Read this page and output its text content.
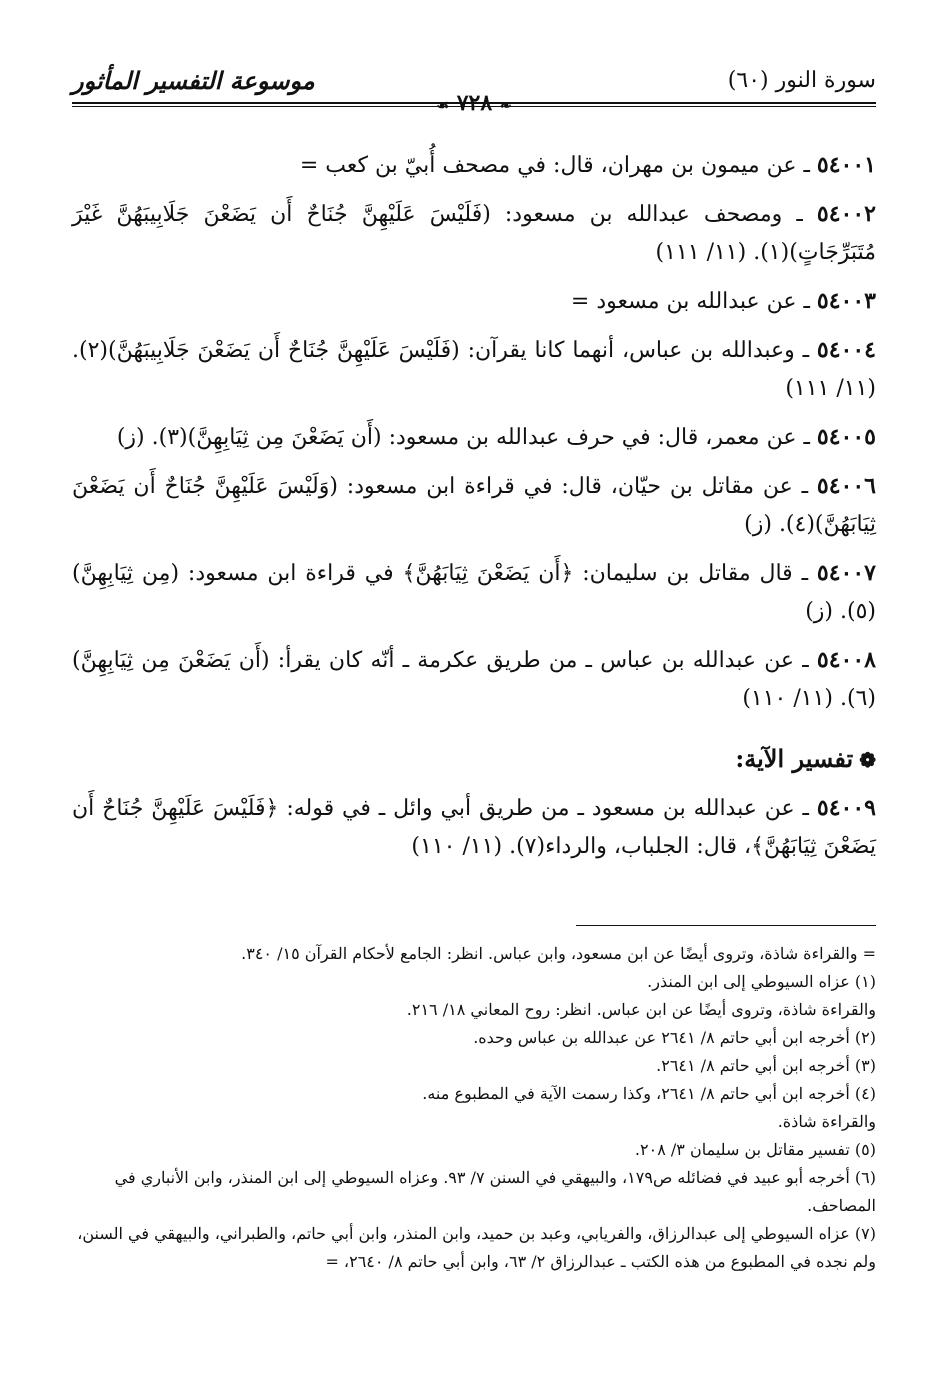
سورة النور (٦٠)
❧ ٧٢٨ ☙
موسوعة التفسير المأثور

٥٤٠٠١ ـ عن ميمون بن مهران، قال: في مصحف أُبيّ بن كعب =

٥٤٠٠٢ ـ ومصحف عبدالله بن مسعود: (فَلَيْسَ عَلَيْهِنَّ جُنَاحٌ أَن يَضَعْنَ جَلَابِيبَهُنَّ غَيْرَ مُتَبَرِّجَاتٍ)(١). (١١/ ١١١)

٥٤٠٠٣ ـ عن عبدالله بن مسعود =

٥٤٠٠٤ ـ وعبدالله بن عباس، أنهما كانا يقرآن: (فَلَيْسَ عَلَيْهِنَّ جُنَاحٌ أَن يَضَعْنَ جَلَابِيبَهُنَّ)(٢). (١١/ ١١١)

٥٤٠٠٥ ـ عن معمر، قال: في حرف عبدالله بن مسعود: (أَن يَضَعْنَ مِن ثِيَابِهِنَّ)(٣). (ز)

٥٤٠٠٦ ـ عن مقاتل بن حيّان، قال: في قراءة ابن مسعود: (وَلَيْسَ عَلَيْهِنَّ جُنَاحٌ أَن يَضَعْنَ ثِيَابَهُنَّ)(٤). (ز)

٥٤٠٠٧ ـ قال مقاتل بن سليمان: ﴿أَن يَضَعْنَ ثِيَابَهُنَّ﴾ في قراءة ابن مسعود: (مِن ثِيَابِهِنَّ)(٥). (ز)

٥٤٠٠٨ ـ عن عبدالله بن عباس ـ من طريق عكرمة ـ أنّه كان يقرأ: (أَن يَضَعْنَ مِن ثِيَابِهِنَّ)(٦). (١١/ ١١٠)

❁تفسير الآية:

٥٤٠٠٩ ـ عن عبدالله بن مسعود ـ من طريق أبي وائل ـ في قوله: ﴿فَلَيْسَ عَلَيْهِنَّ جُنَاحٌ أَن يَضَعْنَ ثِيَابَهُنَّ﴾، قال: الجلباب، والرداء(٧). (١١/ ١١٠)

= والقراءة شاذة، وتروى أيضًا عن ابن مسعود، وابن عباس. انظر: الجامع لأحكام القرآن ١٥/ ٣٤٠.

(١) عزاه السيوطي إلى ابن المنذر.

والقراءة شاذة، وتروى أيضًا عن ابن عباس. انظر: روح المعاني ١٨/ ٢١٦.

(٢) أخرجه ابن أبي حاتم ٨/ ٢٦٤١ عن عبدالله بن عباس وحده.

(٣) أخرجه ابن أبي حاتم ٨/ ٢٦٤١.

(٤) أخرجه ابن أبي حاتم ٨/ ٢٦٤١، وكذا رسمت الآية في المطبوع منه.

والقراءة شاذة.

(٥) تفسير مقاتل بن سليمان ٣/ ٢٠٨.

(٦) أخرجه أبو عبيد في فضائله ص١٧٩، والبيهقي في السنن ٧/ ٩٣. وعزاه السيوطي إلى ابن المنذر، وابن الأنباري في المصاحف.

(٧) عزاه السيوطي إلى عبدالرزاق، والفريابي، وعبد بن حميد، وابن المنذر، وابن أبي حاتم، والطبراني، والبيهقي في السنن، ولم نجده في المطبوع من هذه الكتب ـ عبدالرزاق ٢/ ٦٣، وابن أبي حاتم ٨/ ٢٦٤٠، =
